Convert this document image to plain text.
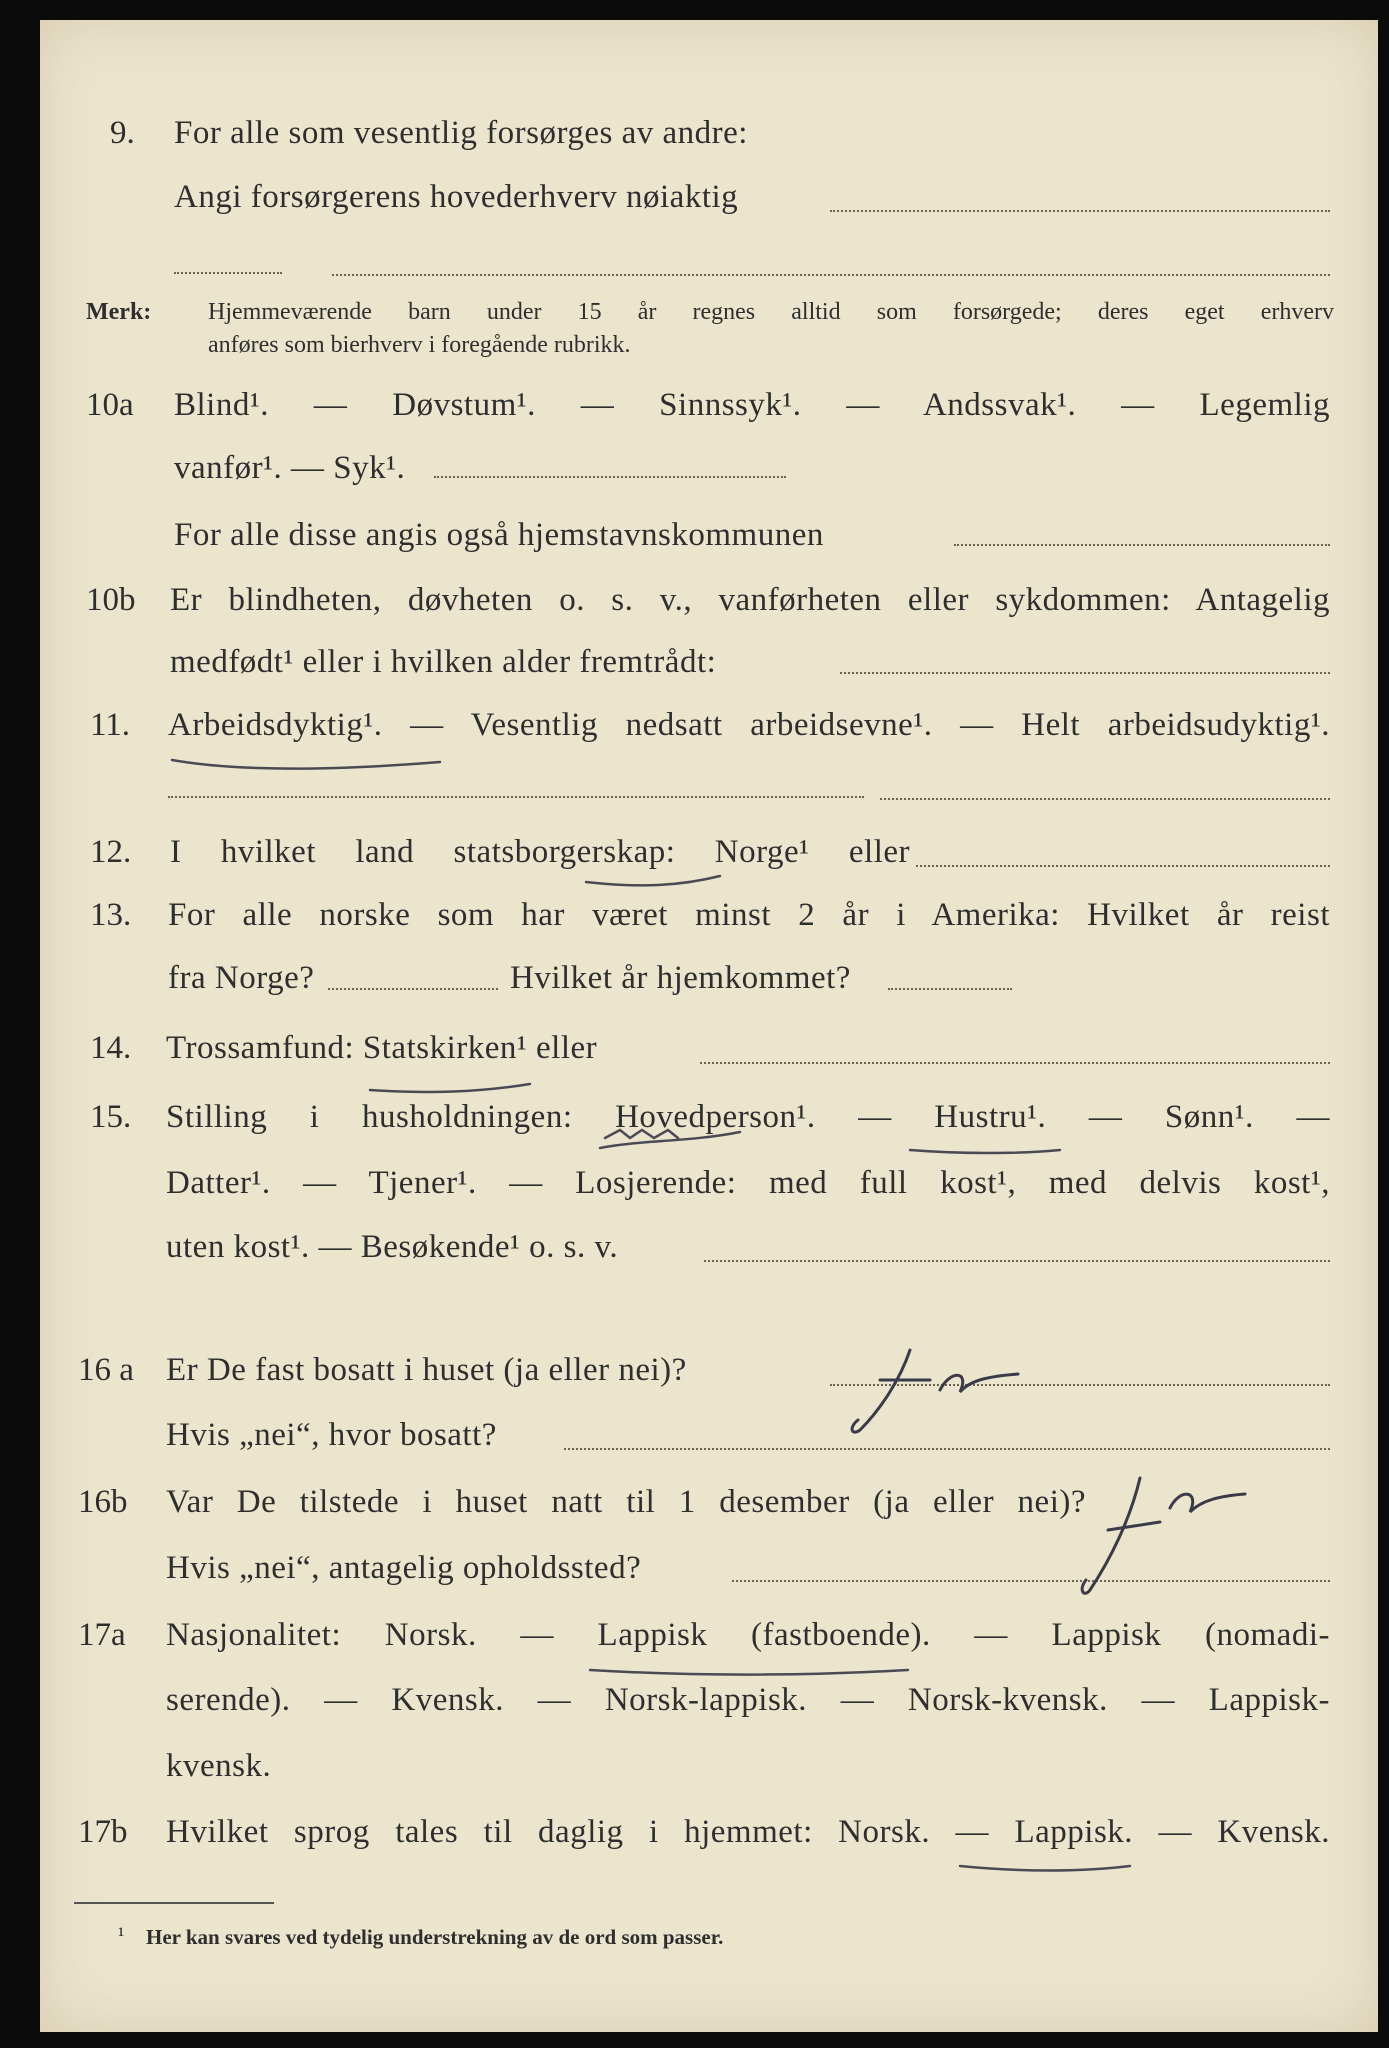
9. For alle som vesentlig forsørges av andre:
Angi forsørgerens hovederhverv nøiaktig
Merk: Hjemmeværende barn under 15 år regnes alltid som forsørgede; deres eget erhverv
anføres som bierhverv i foregående rubrikk.
10a Blind¹. — Døvstum¹. — Sinnssyk¹. — Andssvak¹. — Legemlig
vanfør¹. — Syk¹.
For alle disse angis også hjemstavnskommunen
10b Er blindheten, døvheten o. s. v., vanførheten eller sykdommen: Antagelig
medfødt¹ eller i hvilken alder fremtrådt:
11. Arbeidsdyktig¹. — Vesentlig nedsatt arbeidsevne¹. — Helt arbeidsudyktig¹.
12. I hvilket land statsborgerskap: Norge¹ eller
13. For alle norske som har været minst 2 år i Amerika: Hvilket år reist
fra Norge?	Hvilket år hjemkommet?
14. Trossamfund: Statskirken¹ eller
15. Stilling i husholdningen: Hovedperson¹. — Hustru¹. — Sønn¹. —
Datter¹. — Tjener¹. — Losjerende: med full kost¹, med delvis kost¹,
uten kost¹. — Besøkende¹ o. s. v.
16 a Er De fast bosatt i huset (ja eller nei)?
Hvis „nei“, hvor bosatt?
16b Var De tilstede i huset natt til 1 desember (ja eller nei)?
Hvis „nei“, antagelig opholdssted?
17a Nasjonalitet: Norsk. — Lappisk (fastboende). — Lappisk (nomadi-
serende). — Kvensk. — Norsk-lappisk. — Norsk-kvensk. — Lappisk-
kvensk.
17b Hvilket sprog tales til daglig i hjemmet: Norsk. — Lappisk. — Kvensk.
¹ Her kan svares ved tydelig understrekning av de ord som passer.
